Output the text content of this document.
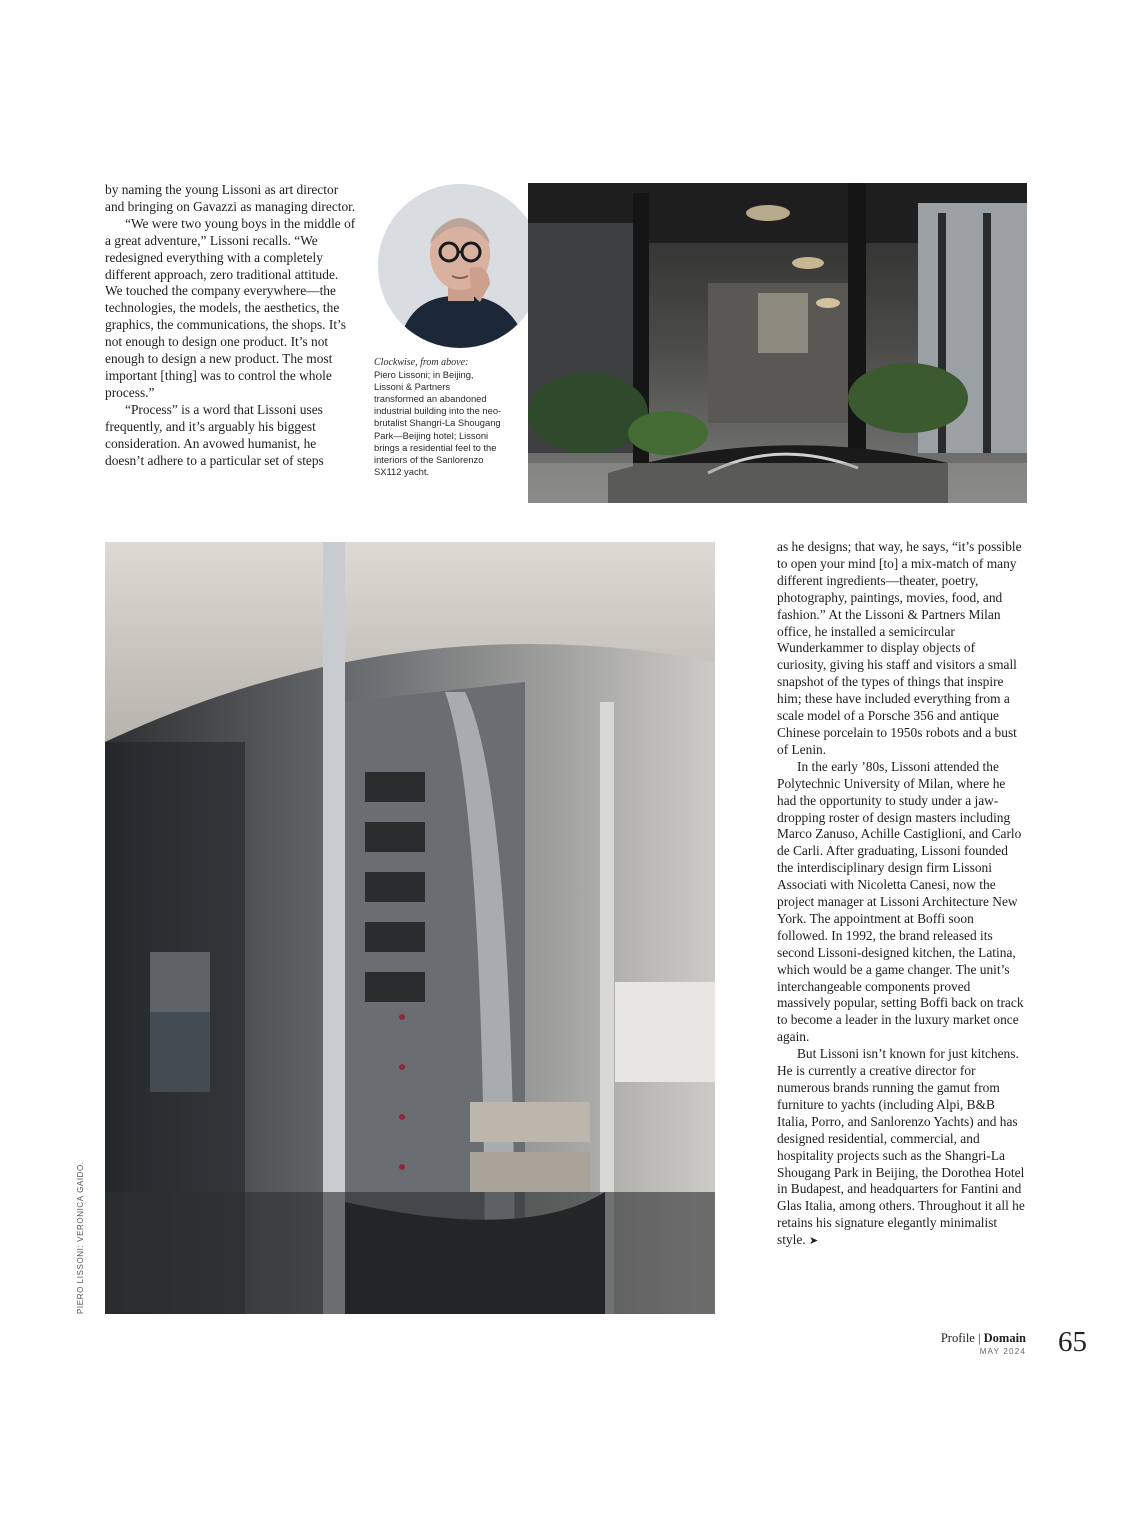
by naming the young Lissoni as art director and bringing on Gavazzi as managing director.

“We were two young boys in the middle of a great adventure,” Lissoni recalls. “We redesigned everything with a completely different approach, zero traditional attitude. We touched the company everywhere—the technologies, the models, the aesthetics, the graphics, the communications, the shops. It’s not enough to design one product. It’s not enough to design a new product. The most important [thing] was to control the whole process.”

“Process” is a word that Lissoni uses frequently, and it’s arguably his biggest consideration. An avowed humanist, he doesn’t adhere to a particular set of steps

Clockwise, from above:
Piero Lissoni; in Beijing, Lissoni & Partners transformed an abandoned industrial building into the neo-brutalist Shangri-La Shougang Park—Beijing hotel; Lissoni brings a residential feel to the interiors of the Sanlorenzo SX112 yacht.

as he designs; that way, he says, “it’s possible to open your mind [to] a mix-match of many different ingredients—theater, poetry, photography, paintings, movies, food, and fashion.” At the Lissoni & Partners Milan office, he installed a semicircular Wunderkammer to display objects of curiosity, giving his staff and visitors a small snapshot of the types of things that inspire him; these have included everything from a scale model of a Porsche 356 and antique Chinese porcelain to 1950s robots and a bust of Lenin.

In the early ’80s, Lissoni attended the Polytechnic University of Milan, where he had the opportunity to study under a jaw-dropping roster of design masters including Marco Zanuso, Achille Castiglioni, and Carlo de Carli. After graduating, Lissoni founded the interdisciplinary design firm Lissoni Associati with Nicoletta Canesi, now the project manager at Lissoni Architecture New York. The appointment at Boffi soon followed. In 1992, the brand released its second Lissoni-designed kitchen, the Latina, which would be a game changer. The unit’s interchangeable components proved massively popular, setting Boffi back on track to become a leader in the luxury market once again.

But Lissoni isn’t known for just kitchens. He is currently a creative director for numerous brands running the gamut from furniture to yachts (including Alpi, B&B Italia, Porro, and Sanlorenzo Yachts) and has designed residential, commercial, and hospitality projects such as the Shangri-La Shougang Park in Beijing, the Dorothea Hotel in Budapest, and headquarters for Fantini and Glas Italia, among others. Throughout it all he retains his signature elegantly minimalist style. ➤

PIERO LISSONI: VERONICA GAIDO.
Profile | Domain
MAY 2024 65
